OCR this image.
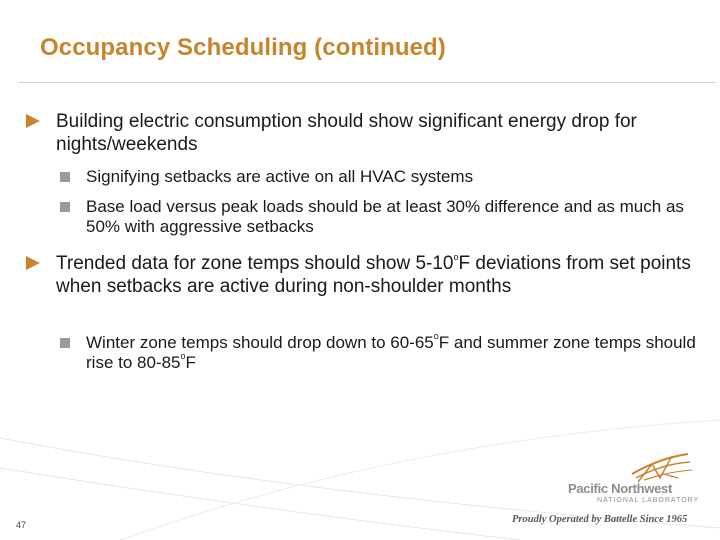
Occupancy Scheduling (continued)
Building electric consumption should show significant energy drop for nights/weekends
Signifying setbacks are active on all HVAC systems
Base load versus peak loads should be at least 30% difference and as much as 50% with aggressive setbacks
Trended data for zone temps should show 5-10$^o$F deviations from set points when setbacks are active during non-shoulder months
Winter zone temps should drop down to 60-65$^o$F and summer zone temps should rise to 80-85$^o$F
Pacific Northwest
NATIONAL LABORATORY
Proudly Operated by Battelle Since 1965
47
